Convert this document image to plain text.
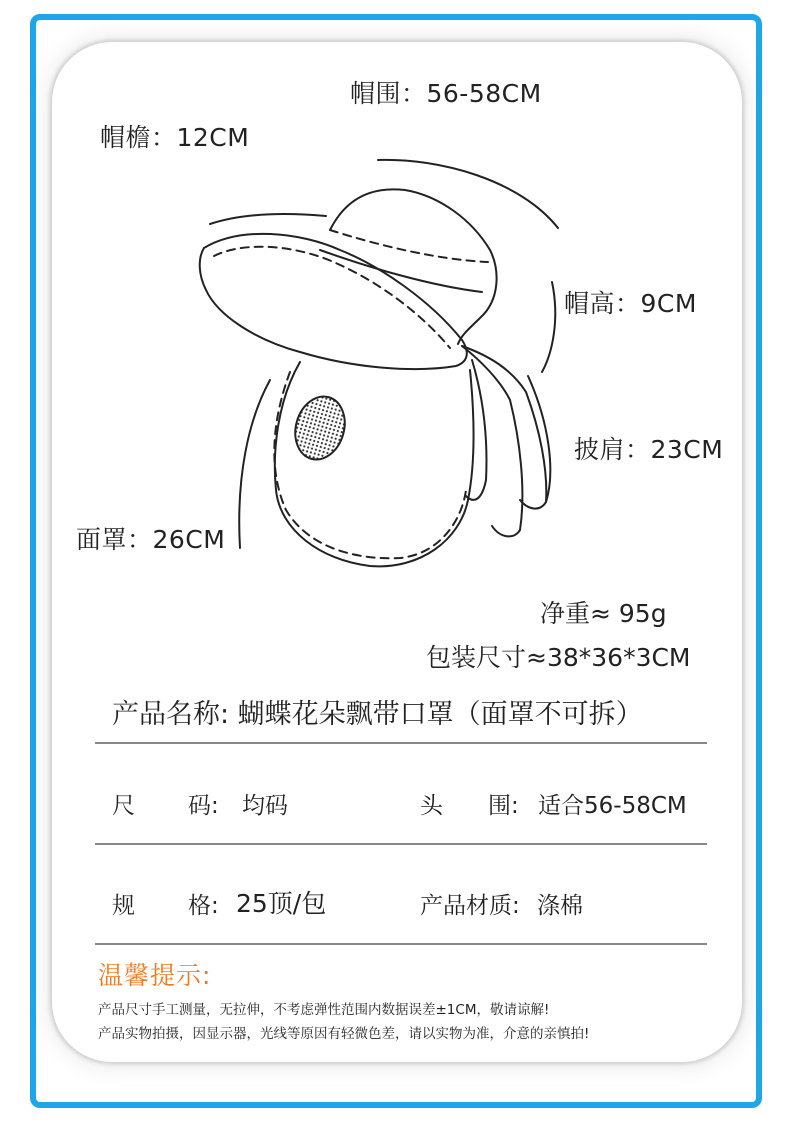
帽围：56-58CM
帽檐：12CM
帽高：9CM
披肩：23CM
面罩：26CM
净重≈ 95g
包装尺寸≈38*36*3CM
产品名称: 蝴蝶花朵飘带口罩（面罩不可拆）
尺 码: 均码	头 围: 适合56-58CM
规 格: 25顶/包	产品材质: 涤棉
温馨提示:
产品尺寸手工测量，无拉伸，不考虑弹性范围内数据误差±1CM，敬请谅解!
产品实物拍摄，因显示器，光线等原因有轻微色差，请以实物为准，介意的亲慎拍!
